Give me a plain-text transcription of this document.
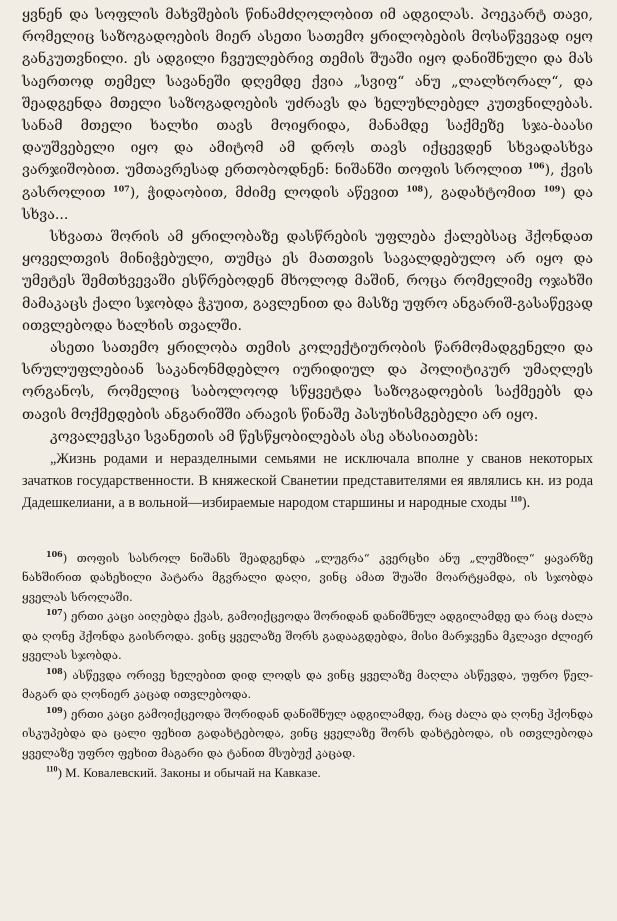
ყვნენ და სოფლის მახვშების წინამძღოლობით იმ ადგილას. პოეკარტ თავი, რომელიც საზოგადოების მიერ ასეთი სათემო ყრილობების მოსაწვევად იყო განკუთვნილი. ეს ადგილი ჩვეულებრივ თემის შუაში იყო დანიშნული და მას საერთოდ თემელ სავანეში დღემდე ქვია „სვიფ“ ანუ „ლალხორალ“, და შეადგენდა მთელი საზოგადოების უძრავს და ხელუხლებელ კუთვნილებას. სანამ მთელი ხალხი თავს მოიყრიდა, მანამდე საქმეზე სჯა-ბაასი დაუშვებელი იყო და ამიტომ ამ დროს თავს იქცევდენ სხვადასხვა ვარჯიშობით. უმთავრესად ერთობოდნენ: ნიშანში თოფის სროლით $^{106}$), ქვის გასროლით $^{107}$), ჭიდაობით, მძიმე ლოდის აწევით $^{108}$), გადახტომით $^{109}$) და სხვა...

სხვათა შორის ამ ყრილობაზე დასწრების უფლება ქალებსაც ჰქონდათ ყოველთვის მინიჭებული, თუმცა ეს მათთვის სავალდებულო არ იყო და უმეტეს შემთხვევაში ესწრებოდენ მხოლოდ მაშინ, როცა რომელიმე ოჯახში მამაკაცს ქალი სჯობდა ჭკუით, გავლენით და მასზე უფრო ანგარიშ-გასაწევად ითვლებოდა ხალხის თვალში.

ასეთი სათემო ყრილობა თემის კოლექტიურობის წარმომადგენელი და სრულუფლებიან საკანონმდებლო იურიდიულ და პოლიტიკურ უმაღლეს ორგანოს, რომელიც საბოლოოდ სწყვეტდა საზოგადოების საქმეებს და თავის მოქმედების ანგარიშში არავის წინაშე პასუხისმგებელი არ იყო.

კოვალევსკი სვანეთის ამ წესწყობილებას ასე ახასიათებს:

„Жизнь родами и неразделными семьями не исключала вполне у сванов некоторых зачатков государственности. В княжеской Сванетии представителями ея являлись кн. из рода Дадешкелиани, а в вольной—избираемые народом старшины и народные сходы $^{110}$).

$^{106}$) თოფის სასროლ ნიშანს შეადგენდა „ლუგრა“ კვერცხი ანუ „ლუმზილ“ ყავარზე ნახშირით დახეხილი პატარა მგვრალი დაღი, ვინც ამათ შუაში მოარტყამდა, ის სჯობდა ყველას სროლაში.

$^{107}$) ერთი კაცი აიღებდა ქვას, გამოიქცეოდა შორიდან დანიშნულ ადგილამდე და რაც ძალა და ღონე ჰქონდა გაისროდა. ვინც ყველაზე შორს გადააგდებდა, მისი მარჯვენა მკლავი ძლიერ ყველას სჯობდა.

$^{108}$) ასწევდა ორივე ხელებით დიდ ლოდს და ვინც ყველაზე მაღლა ასწევდა, უფრო წელ-მაგარ და ღონიერ კაცად ითვლებოდა.

$^{109}$) ერთი კაცი გამოიქცეოდა შორიდან დანიშნულ ადგილამდე, რაც ძალა და ღონე ჰქონდა ისკუპებდა და ცალი ფეხით გადახტებოდა, ვინც ყველაზე შორს დახტებოდა, ის ითვლებოდა ყველაზე უფრო ფეხით მაგარი და ტანით მსუბუქ კაცად.

$^{110}$) М. Ковалевский. Законы и обычай на Кавказе.
